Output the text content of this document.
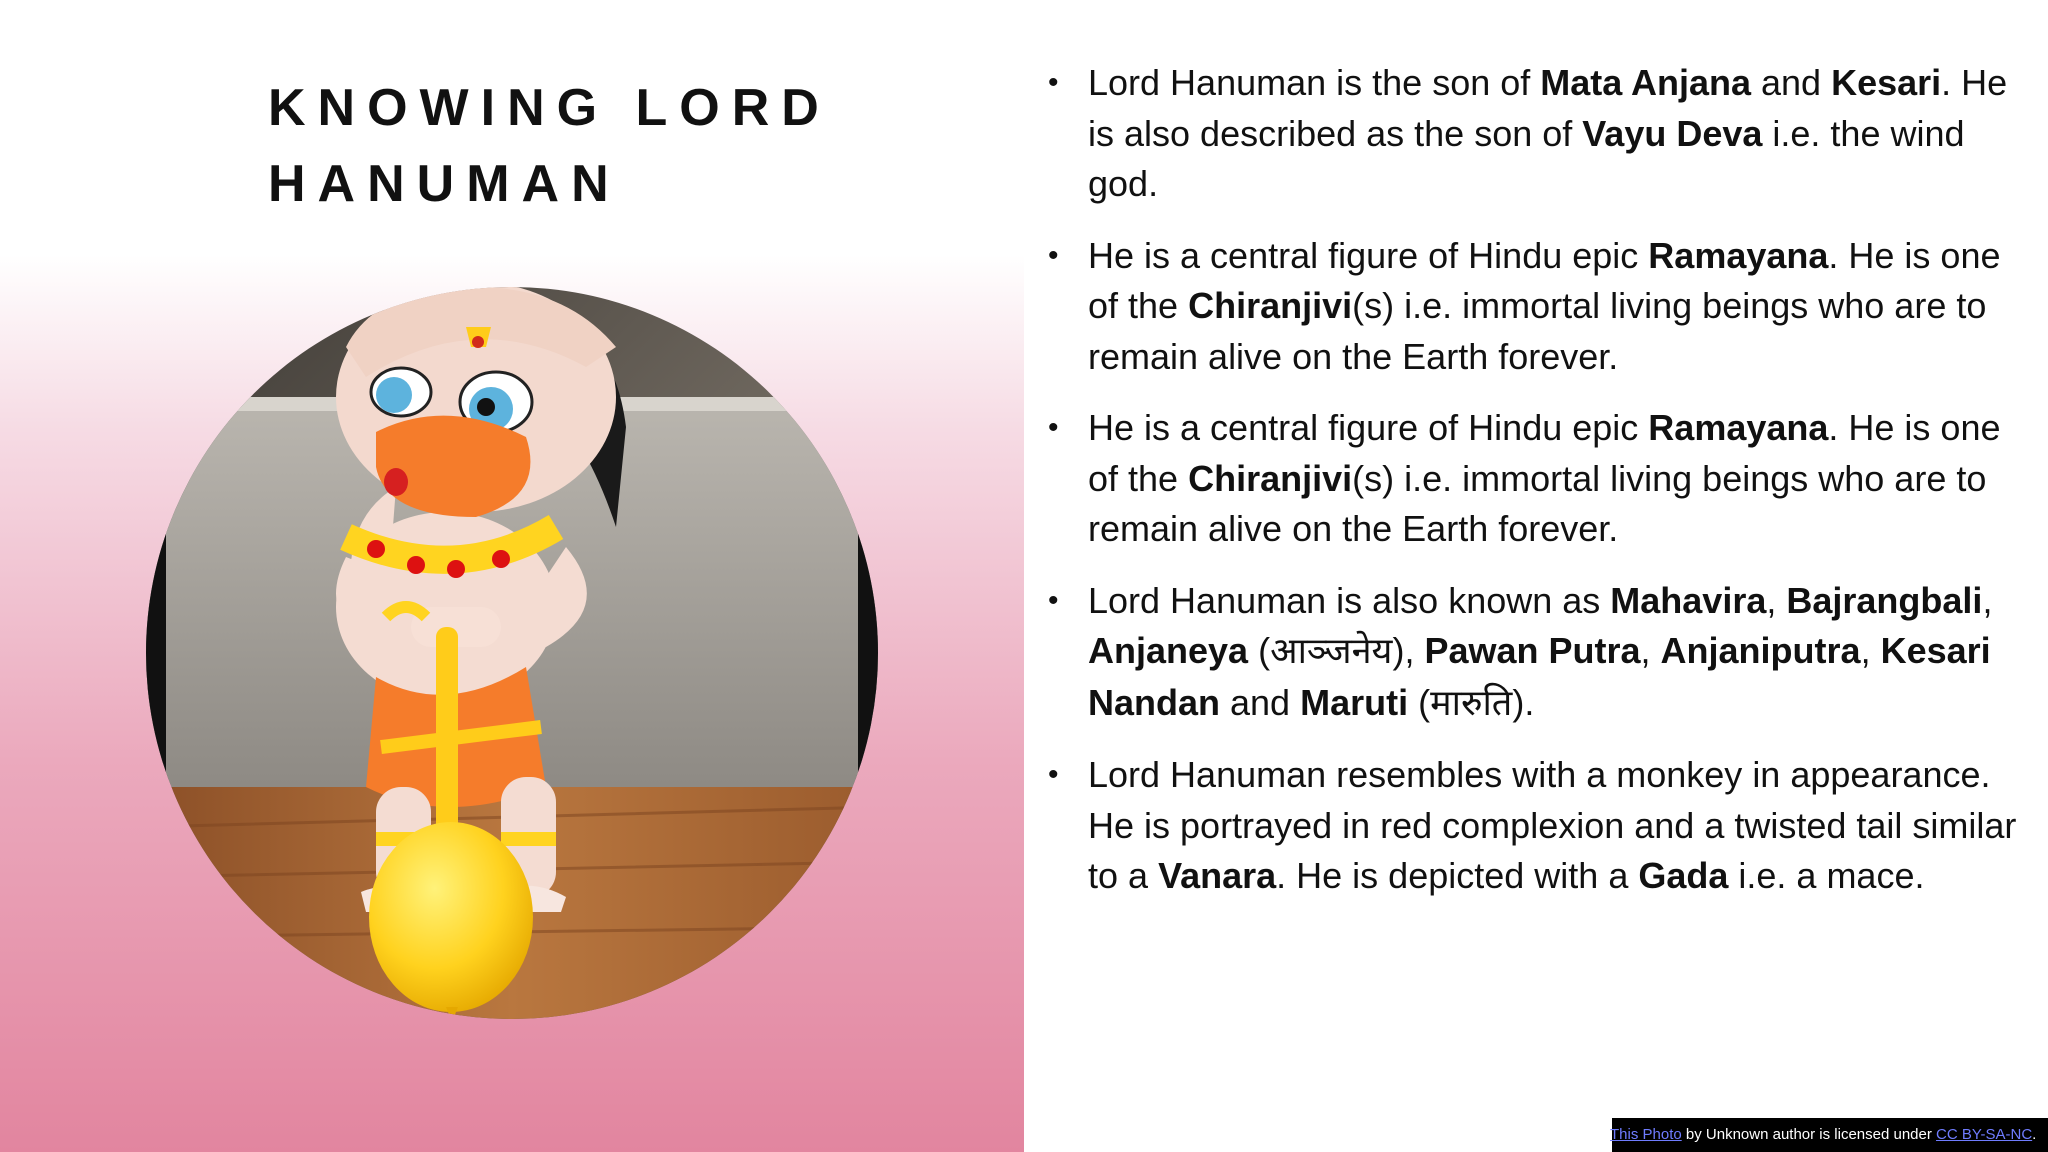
KNOWING LORD
HANUMAN
• Lord Hanuman is the son of Mata Anjana and Kesari. He is also described as the son of Vayu Deva i.e. the wind god.
• He is a central figure of Hindu epic Ramayana. He is one of the Chiranjivi(s) i.e. immortal living beings who are to remain alive on the Earth forever.
• He is a central figure of Hindu epic Ramayana. He is one of the Chiranjivi(s) i.e. immortal living beings who are to remain alive on the Earth forever.
• Lord Hanuman is also known as Mahavira, Bajrangbali, Anjaneya (आञ्जनेय), Pawan Putra, Anjaniputra, Kesari Nandan and Maruti (मारुति).
• Lord Hanuman resembles with a monkey in appearance. He is portrayed in red complexion and a twisted tail similar to a Vanara. He is depicted with a Gada i.e. a mace.
This Photo by Unknown author is licensed under CC BY-SA-NC.
